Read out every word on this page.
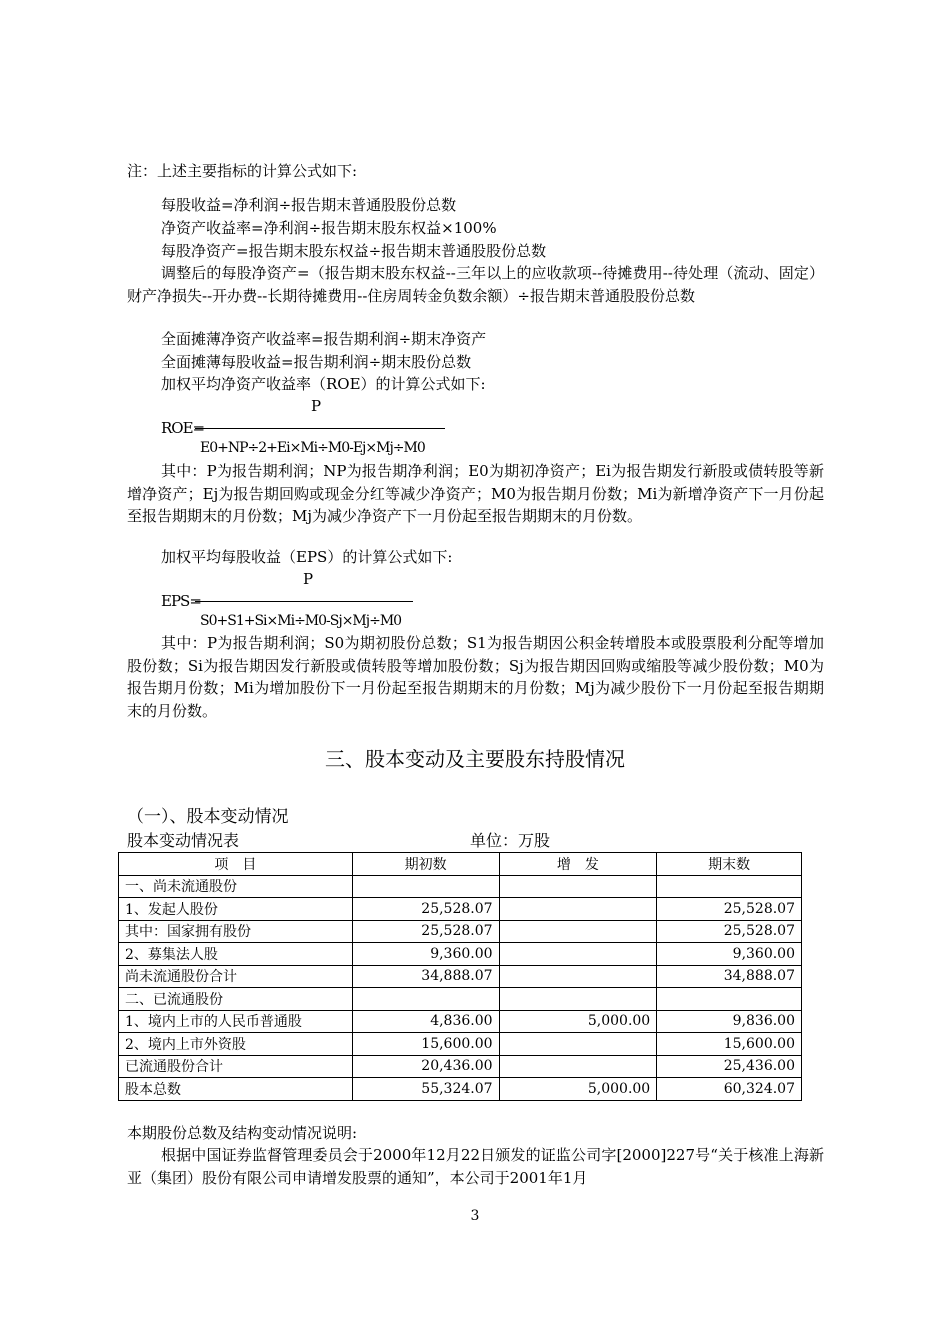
注：上述主要指标的计算公式如下:
每股收益=净利润÷报告期末普通股股份总数
净资产收益率=净利润÷报告期末股东权益×100%
每股净资产=报告期末股东权益÷报告期末普通股股份总数
调整后的每股净资产=（报告期末股东权益--三年以上的应收款项--待摊费用--待处理（流动、固定）财产净损失--开办费--长期待摊费用--住房周转金负数余额）÷报告期末普通股股份总数
全面摊薄净资产收益率=报告期利润÷期末净资产
全面摊薄每股收益=报告期利润÷期末股份总数
加权平均净资产收益率（ROE）的计算公式如下:
P
ROE=
E0+NP÷2+Ei×Mi÷M0-Ej×Mj÷M0
其中：P为报告期利润；NP为报告期净利润；E0为期初净资产；Ei为报告期发行新股或债转股等新增净资产；Ej为报告期回购或现金分红等减少净资产；M0为报告期月份数；Mi为新增净资产下一月份起至报告期期末的月份数；Mj为减少净资产下一月份起至报告期期末的月份数。
加权平均每股收益（EPS）的计算公式如下:
P
EPS=
S0+S1+Si×Mi÷M0-Sj×Mj÷M0
其中：P为报告期利润；S0为期初股份总数；S1为报告期因公积金转增股本或股票股利分配等增加股份数；Si为报告期因发行新股或债转股等增加股份数；Sj为报告期因回购或缩股等减少股份数；M0为报告期月份数；Mi为增加股份下一月份起至报告期期末的月份数；Mj为减少股份下一月份起至报告期期末的月份数。
三、股本变动及主要股东持股情况
（一）、股本变动情况
股本变动情况表	单位：万股
项　目	期初数	增　发	期末数
一、尚未流通股份			
1、发起人股份	25,528.07		25,528.07
其中：国家拥有股份	25,528.07		25,528.07
2、募集法人股	9,360.00		9,360.00
尚未流通股份合计	34,888.07		34,888.07
二、已流通股份			
1、境内上市的人民币普通股	4,836.00	5,000.00	9,836.00
2、境内上市外资股	15,600.00		15,600.00
已流通股份合计	20,436.00		25,436.00
股本总数	55,324.07	5,000.00	60,324.07
本期股份总数及结构变动情况说明:
根据中国证券监督管理委员会于2000年12月22日颁发的证监公司字[2000]227号“关于核准上海新亚（集团）股份有限公司申请增发股票的通知”，本公司于2001年1月
3
